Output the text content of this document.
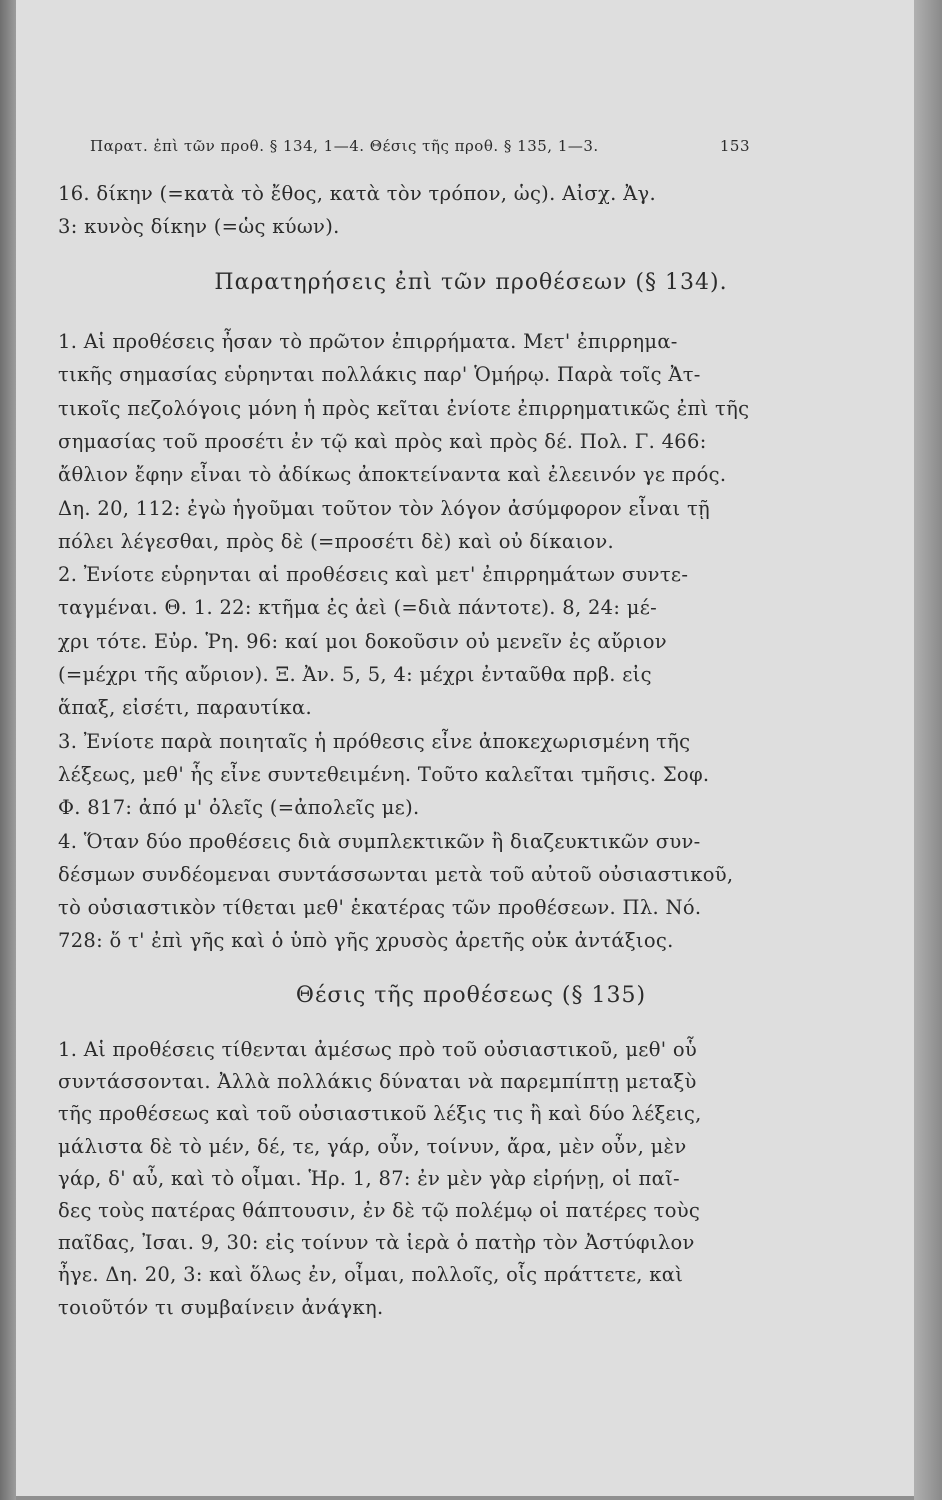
Παρατ. ἐπὶ τῶν προθ. § 134, 1—4. Θέσις τῆς προθ. § 135, 1—3.	153
16. δίκην (=κατὰ τὸ ἔθος, κατὰ τὸν τρόπον, ὡς). Αἰσχ. Ἀγ.
3: κυνὸς δίκην (=ὡς κύων).
Παρατηρήσεις ἐπὶ τῶν προθέσεων (§ 134).
1. Αἱ προθέσεις ἦσαν τὸ πρῶτον ἐπιρρήματα. Μετ' ἐπιρρημα-
τικῆς σημασίας εὑρηνται πολλάκις παρ' Ὁμήρῳ. Παρὰ τοῖς Ἀτ-
τικοῖς πεζολόγοις μόνη ἡ πρὸς κεῖται ἐνίοτε ἐπιρρηματικῶς ἐπὶ τῆς
σημασίας τοῦ προσέτι ἐν τῷ καὶ πρὸς καὶ πρὸς δέ. Πολ. Γ. 466:
ἄθλιον ἔφην εἶναι τὸ ἀδίκως ἀποκτείναντα καὶ ἐλεεινόν γε πρός.
Δη. 20, 112: ἐγὼ ἡγοῦμαι τοῦτον τὸν λόγον ἀσύμφορον εἶναι τῇ
πόλει λέγεσθαι, πρὸς δὲ (=προσέτι δὲ) καὶ οὐ δίκαιον.
2. Ἐνίοτε εὑρηνται αἱ προθέσεις καὶ μετ' ἐπιρρημάτων συντε-
ταγμέναι. Θ. 1. 22: κτῆμα ἐς ἀεὶ (=διὰ πάντοτε). 8, 24: μέ-
χρι τότε. Εὐρ. Ῥη. 96: καί μοι δοκοῦσιν οὐ μενεῖν ἐς αὔριον
(=μέχρι τῆς αὔριον). Ξ. Ἀν. 5, 5, 4: μέχρι ἐνταῦθα πρβ. εἰς
ἅπαξ, εἰσέτι, παραυτίκα.
3. Ἐνίοτε παρὰ ποιηταῖς ἡ πρόθεσις εἶνε ἀποκεχωρισμένη τῆς
λέξεως, μεθ' ἧς εἶνε συντεθειμένη. Τοῦτο καλεῖται τμῆσις. Σοφ.
Φ. 817: ἀπό μ' ὀλεῖς (=ἀπολεῖς με).
4. Ὅταν δύο προθέσεις διὰ συμπλεκτικῶν ἢ διαζευκτικῶν συν-
δέσμων συνδέομεναι συντάσσωνται μετὰ τοῦ αὐτοῦ οὐσιαστικοῦ,
τὸ οὐσιαστικὸν τίθεται μεθ' ἑκατέρας τῶν προθέσεων. Πλ. Νό.
728: ὅ τ' ἐπὶ γῆς καὶ ὁ ὑπὸ γῆς χρυσὸς ἀρετῆς οὐκ ἀντάξιος.
Θέσις τῆς προθέσεως (§ 135)
1. Αἱ προθέσεις τίθενται ἀμέσως πρὸ τοῦ οὐσιαστικοῦ, μεθ' οὗ
συντάσσονται. Ἀλλὰ πολλάκις δύναται νὰ παρεμπίπτῃ μεταξὺ
τῆς προθέσεως καὶ τοῦ οὐσιαστικοῦ λέξις τις ἢ καὶ δύο λέξεις,
μάλιστα δὲ τὸ μέν, δέ, τε, γάρ, οὖν, τοίνυν, ἄρα, μὲν οὖν, μὲν
γάρ, δ' αὖ, καὶ τὸ οἶμαι. Ἡρ. 1, 87: ἐν μὲν γὰρ εἰρήνῃ, οἱ παῖ-
δες τοὺς πατέρας θάπτουσιν, ἐν δὲ τῷ πολέμῳ οἱ πατέρες τοὺς
παῖδας, Ἰσαι. 9, 30: εἰς τοίνυν τὰ ἱερὰ ὁ πατὴρ τὸν Ἀστύφιλον
ἦγε. Δη. 20, 3: καὶ ὅλως ἐν, οἶμαι, πολλοῖς, οἷς πράττετε, καὶ
τοιοῦτόν τι συμβαίνειν ἀνάγκη.
